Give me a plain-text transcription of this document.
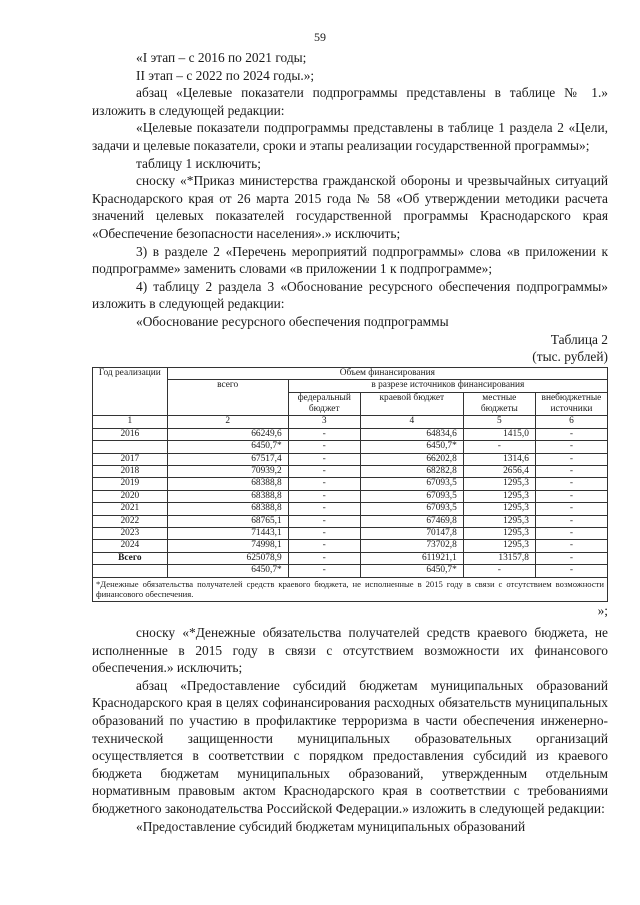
59

«I этап – с 2016 по 2021 годы;

II этап – с 2022 по 2024 годы.»;

абзац «Целевые показатели подпрограммы представлены в таблице № 1.» изложить в следующей редакции:

«Целевые показатели подпрограммы представлены в таблице 1 раздела 2 «Цели, задачи и целевые показатели, сроки и этапы реализации государственной программы»;

таблицу 1 исключить;

сноску «*Приказ министерства гражданской обороны и чрезвычайных ситуаций Краснодарского края от 26 марта 2015 года № 58 «Об утверждении методики расчета значений целевых показателей государственной программы Краснодарского края «Обеспечение безопасности населения».» исключить;

3) в разделе 2 «Перечень мероприятий подпрограммы» слова «в приложении к подпрограмме» заменить словами «в приложении 1 к подпрограмме»;

4) таблицу 2 раздела 3 «Обоснование ресурсного обеспечения подпрограммы» изложить в следующей редакции:

«Обоснование ресурсного обеспечения подпрограммы

Таблица 2

(тыс. рублей)

Год реализации	Объем финансирования				
	всего	в разрезе источников финансирования			
		федеральный бюджет	краевой бюджет	местные бюджеты	внебюджетные источники
1	2	3	4	5	6
2016	66249,6	-	64834,6	1415,0	-
	6450,7*	-	6450,7*	-	-
2017	67517,4	-	66202,8	1314,6	-
2018	70939,2	-	68282,8	2656,4	-
2019	68388,8	-	67093,5	1295,3	-
2020	68388,8	-	67093,5	1295,3	-
2021	68388,8	-	67093,5	1295,3	-
2022	68765,1	-	67469,8	1295,3	-
2023	71443,1	-	70147,8	1295,3	-
2024	74998,1	-	73702,8	1295,3	-
Всего	625078,9	-	611921,1	13157,8	-
	6450,7*	-	6450,7*	-	-
*Денежные обязательства получателей средств краевого бюджета, не исполненные в 2015 году в связи с отсутствием возможности финансового обеспечения.					

»;

сноску «*Денежные обязательства получателей средств краевого бюджета, не исполненные в 2015 году в связи с отсутствием возможности их финансового обеспечения.» исключить;

абзац «Предоставление субсидий бюджетам муниципальных образований Краснодарского края в целях софинансирования расходных обязательств муниципальных образований по участию в профилактике терроризма в части обеспечения инженерно-технической защищенности муниципальных образовательных организаций осуществляется в соответствии с порядком предоставления субсидий из краевого бюджета бюджетам муниципальных образований, утвержденным отдельным нормативным правовым актом Краснодарского края в соответствии с требованиями бюджетного законодательства Российской Федерации.» изложить в следующей редакции:

«Предоставление субсидий бюджетам муниципальных образований
